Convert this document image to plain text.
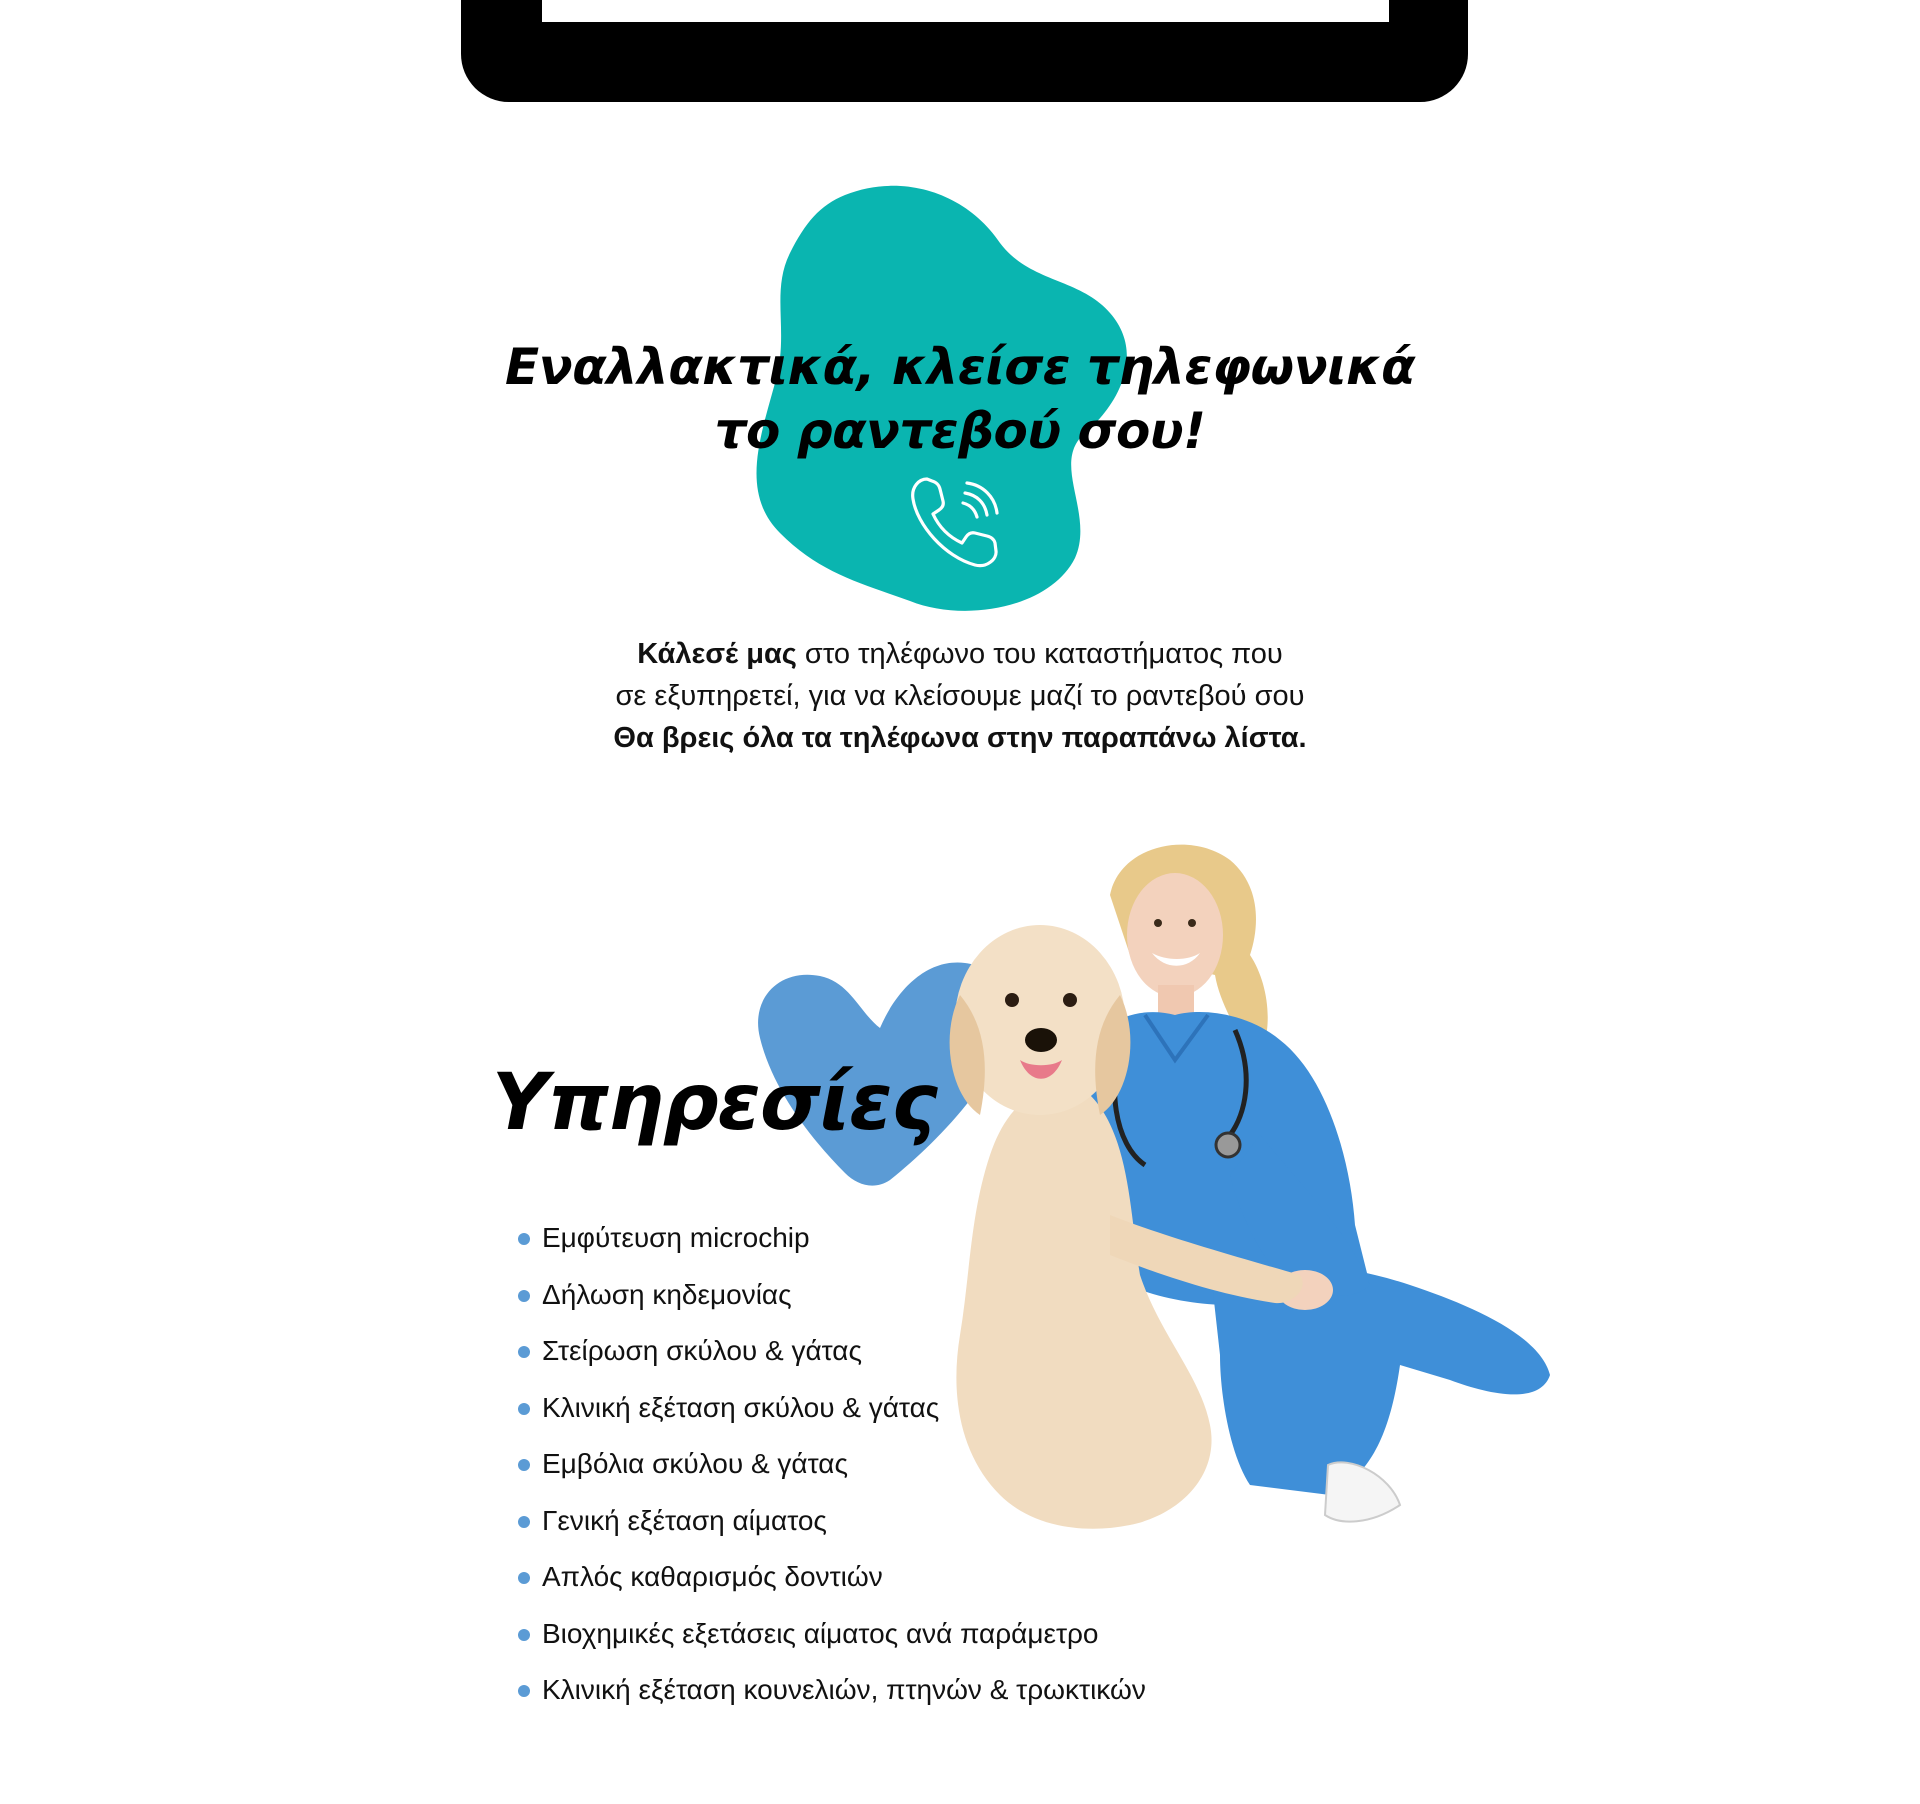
Εναλλακτικά, κλείσε τηλεφωνικά
το ραντεβού σου!
Κάλεσέ μας στο τηλέφωνο του καταστήματος που
σε εξυπηρετεί, για να κλείσουμε μαζί το ραντεβού σου
Θα βρεις όλα τα τηλέφωνα στην παραπάνω λίστα.
Υπηρεσίες
Εμφύτευση microchip
Δήλωση κηδεμονίας
Στείρωση σκύλου & γάτας
Κλινική εξέταση σκύλου & γάτας
Εμβόλια σκύλου & γάτας
Γενική εξέταση αίματος
Απλός καθαρισμός δοντιών
Βιοχημικές εξετάσεις αίματος ανά παράμετρο
Κλινική εξέταση κουνελιών, πτηνών & τρωκτικών
